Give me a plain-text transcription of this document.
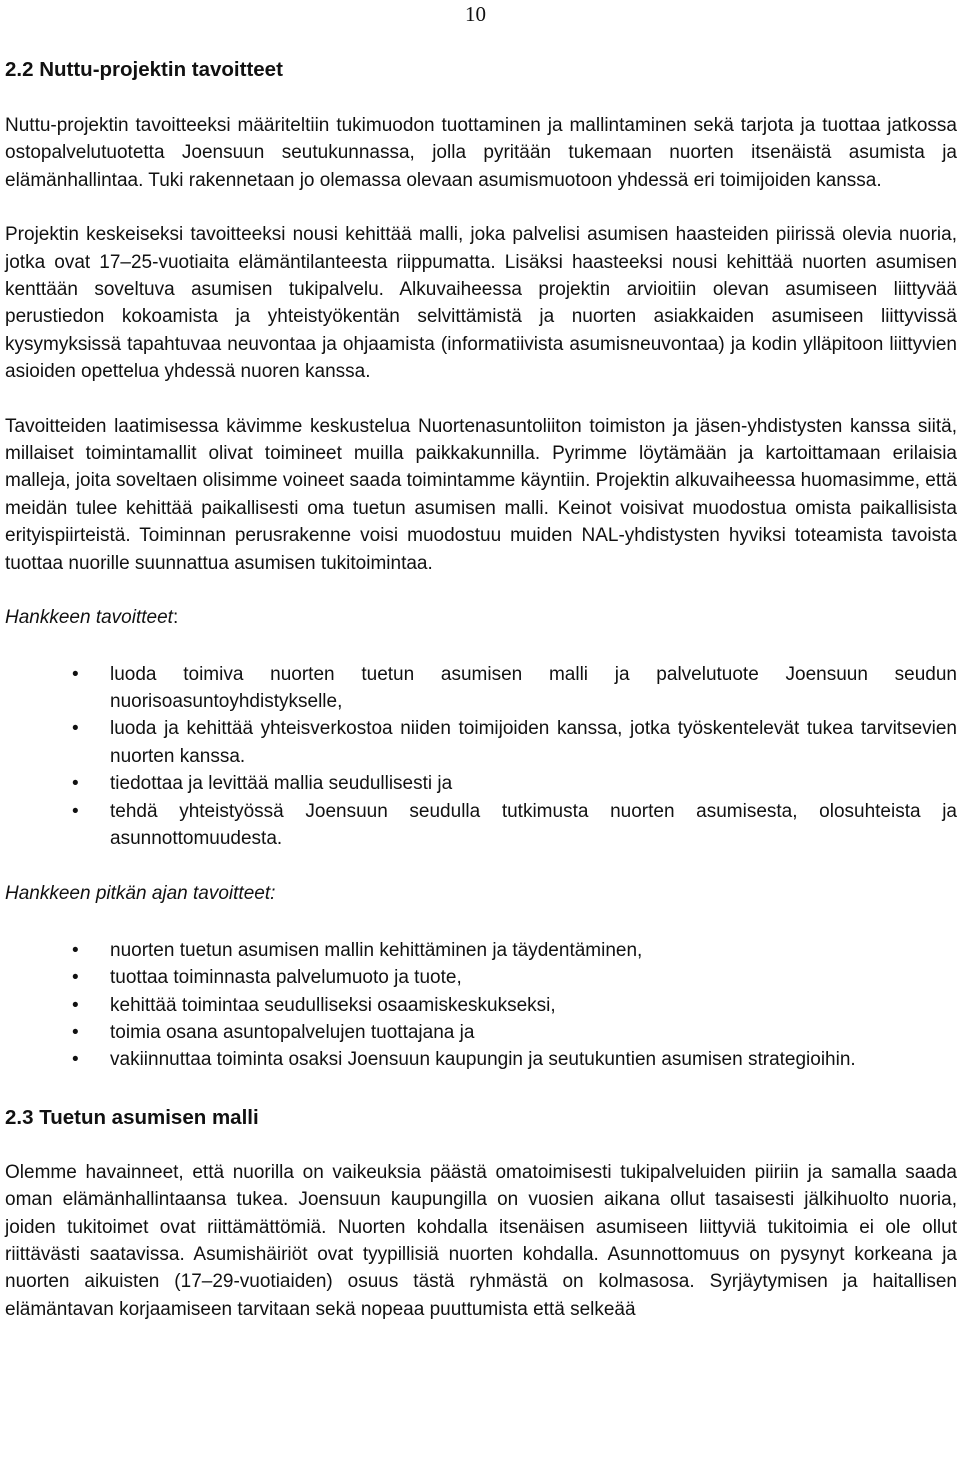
10
2.2 Nuttu-projektin tavoitteet

Nuttu-projektin tavoitteeksi määriteltiin tukimuodon tuottaminen ja mallintaminen sekä tarjota ja tuottaa jatkossa ostopalvelutuotetta Joensuun seutukunnassa, jolla pyritään tukemaan nuorten itsenäistä asumista ja elämänhallintaa. Tuki rakennetaan jo olemassa olevaan asumismuotoon yhdessä eri toimijoiden kanssa.

Projektin keskeiseksi tavoitteeksi nousi kehittää malli, joka palvelisi asumisen haasteiden piirissä olevia nuoria, jotka ovat 17–25-vuotiaita elämäntilanteesta riippumatta. Lisäksi haasteeksi nousi kehittää nuorten asumisen kenttään soveltuva asumisen tukipalvelu. Alkuvaiheessa projektin arvioitiin olevan asumiseen liittyvää perustiedon kokoamista ja yhteistyökentän selvittämistä ja nuorten asiakkaiden asumiseen liittyvissä kysymyksissä tapahtuvaa neuvontaa ja ohjaamista (informatiivista asumisneuvontaa) ja kodin ylläpitoon liittyvien asioiden opettelua yhdessä nuoren kanssa.

Tavoitteiden laatimisessa kävimme keskustelua Nuortenasuntoliiton toimiston ja jäsen-yhdistysten kanssa siitä, millaiset toimintamallit olivat toimineet muilla paikkakunnilla. Pyrimme löytämään ja kartoittamaan erilaisia malleja, joita soveltaen olisimme voineet saada toimintamme käyntiin. Projektin alkuvaiheessa huomasimme, että meidän tulee kehittää paikallisesti oma tuetun asumisen malli. Keinot voisivat muodostua omista paikallisista erityispiirteistä. Toiminnan perusrakenne voisi muodostuu muiden NAL-yhdistysten hyviksi toteamista tavoista tuottaa nuorille suunnattua asumisen tukitoimintaa.

Hankkeen tavoitteet:
• luoda toimiva nuorten tuetun asumisen malli ja palvelutuote Joensuun seudun nuorisoasuntoyhdistykselle,
• luoda ja kehittää yhteisverkostoa niiden toimijoiden kanssa, jotka työskentelevät tukea tarvitsevien nuorten kanssa.
• tiedottaa ja levittää mallia seudullisesti ja
• tehdä yhteistyössä Joensuun seudulla tutkimusta nuorten asumisesta, olosuhteista ja asunnottomuudesta.
Hankkeen pitkän ajan tavoitteet:
• nuorten tuetun asumisen mallin kehittäminen ja täydentäminen,
• tuottaa toiminnasta palvelumuoto ja tuote,
• kehittää toimintaa seudulliseksi osaamiskeskukseksi,
• toimia osana asuntopalvelujen tuottajana ja
• vakiinnuttaa toiminta osaksi Joensuun kaupungin ja seutukuntien asumisen strategioihin.
2.3 Tuetun asumisen malli

Olemme havainneet, että nuorilla on vaikeuksia päästä omatoimisesti tukipalveluiden piiriin ja samalla saada oman elämänhallintaansa tukea. Joensuun kaupungilla on vuosien aikana ollut tasaisesti jälkihuolto nuoria, joiden tukitoimet ovat riittämättömiä. Nuorten kohdalla itsenäisen asumiseen liittyviä tukitoimia ei ole ollut riittävästi saatavissa. Asumishäiriöt ovat tyypillisiä nuorten kohdalla. Asunnottomuus on pysynyt korkeana ja nuorten aikuisten (17–29-vuotiaiden) osuus tästä ryhmästä on kolmasosa. Syrjäytymisen ja haitallisen elämäntavan korjaamiseen tarvitaan sekä nopeaa puuttumista että selkeää
